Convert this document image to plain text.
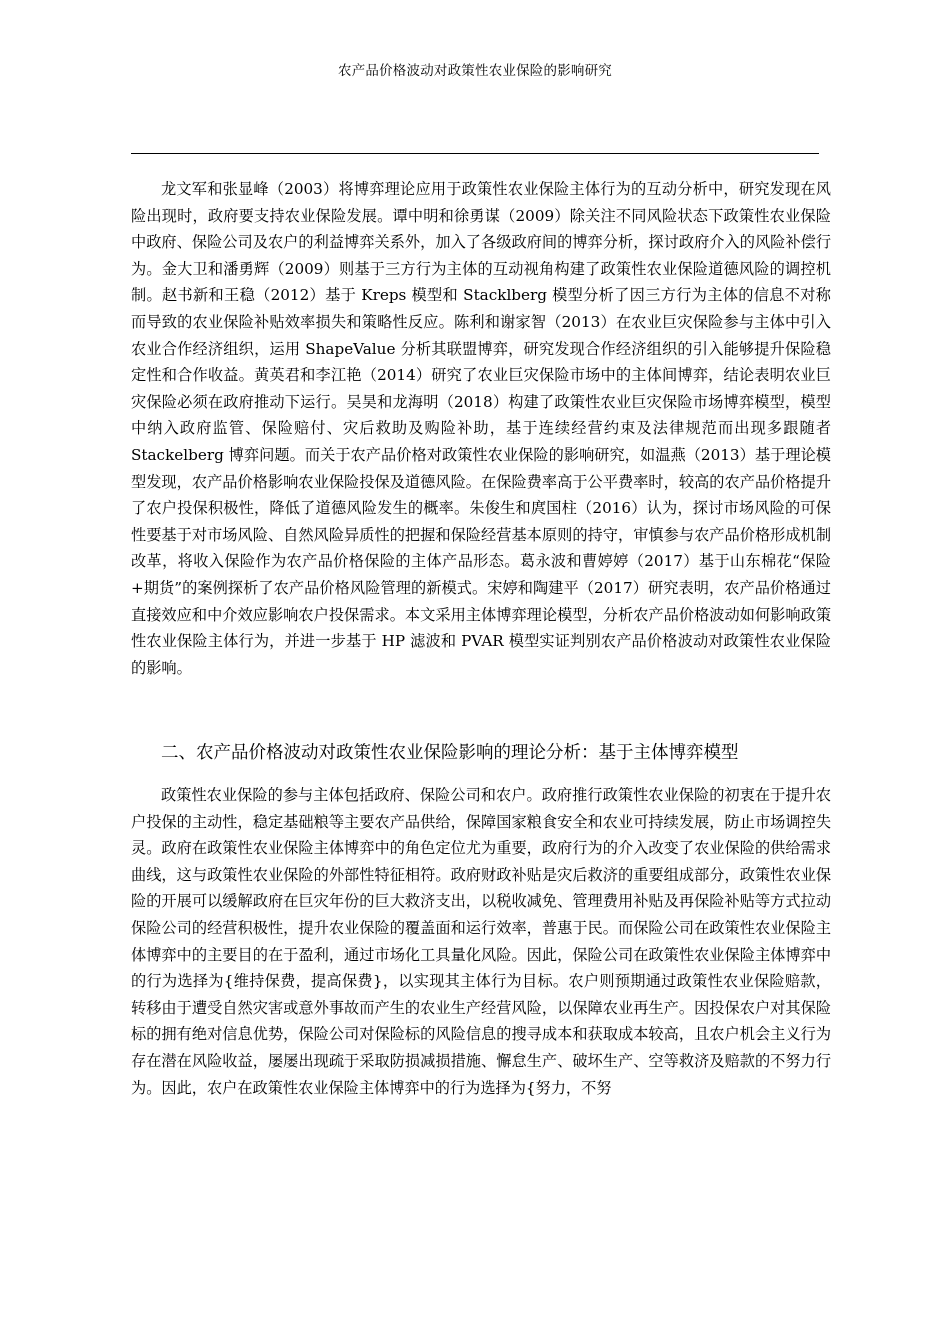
农产品价格波动对政策性农业保险的影响研究

龙文军和张显峰（2003）将博弈理论应用于政策性农业保险主体行为的互动分析中，研究发现在风险出现时，政府要支持农业保险发展。谭中明和徐勇谋（2009）除关注不同风险状态下政策性农业保险中政府、保险公司及农户的利益博弈关系外，加入了各级政府间的博弈分析，探讨政府介入的风险补偿行为。金大卫和潘勇辉（2009）则基于三方行为主体的互动视角构建了政策性农业保险道德风险的调控机制。赵书新和王稳（2012）基于 Kreps 模型和 Stacklberg 模型分析了因三方行为主体的信息不对称而导致的农业保险补贴效率损失和策略性反应。陈利和谢家智（2013）在农业巨灾保险参与主体中引入农业合作经济组织，运用 ShapeValue 分析其联盟博弈，研究发现合作经济组织的引入能够提升保险稳定性和合作收益。黄英君和李江艳（2014）研究了农业巨灾保险市场中的主体间博弈，结论表明农业巨灾保险必须在政府推动下运行。吴昊和龙海明（2018）构建了政策性农业巨灾保险市场博弈模型，模型中纳入政府监管、保险赔付、灾后救助及购险补助，基于连续经营约束及法律规范而出现多跟随者 Stackelberg 博弈问题。而关于农产品价格对政策性农业保险的影响研究，如温燕（2013）基于理论模型发现，农产品价格影响农业保险投保及道德风险。在保险费率高于公平费率时，较高的农产品价格提升了农户投保积极性，降低了道德风险发生的概率。朱俊生和庹国柱（2016）认为，探讨市场风险的可保性要基于对市场风险、自然风险异质性的把握和保险经营基本原则的持守，审慎参与农产品价格形成机制改革，将收入保险作为农产品价格保险的主体产品形态。葛永波和曹婷婷（2017）基于山东棉花“保险+期货”的案例探析了农产品价格风险管理的新模式。宋婷和陶建平（2017）研究表明，农产品价格通过直接效应和中介效应影响农户投保需求。本文采用主体博弈理论模型，分析农产品价格波动如何影响政策性农业保险主体行为，并进一步基于 HP 滤波和 PVAR 模型实证判别农产品价格波动对政策性农业保险的影响。

二、农产品价格波动对政策性农业保险影响的理论分析：基于主体博弈模型

政策性农业保险的参与主体包括政府、保险公司和农户。政府推行政策性农业保险的初衷在于提升农户投保的主动性，稳定基础粮等主要农产品供给，保障国家粮食安全和农业可持续发展，防止市场调控失灵。政府在政策性农业保险主体博弈中的角色定位尤为重要，政府行为的介入改变了农业保险的供给需求曲线，这与政策性农业保险的外部性特征相符。政府财政补贴是灾后救济的重要组成部分，政策性农业保险的开展可以缓解政府在巨灾年份的巨大救济支出，以税收减免、管理费用补贴及再保险补贴等方式拉动保险公司的经营积极性，提升农业保险的覆盖面和运行效率，普惠于民。而保险公司在政策性农业保险主体博弈中的主要目的在于盈利，通过市场化工具量化风险。因此，保险公司在政策性农业保险主体博弈中的行为选择为{维持保费，提高保费}，以实现其主体行为目标。农户则预期通过政策性农业保险赔款，转移由于遭受自然灾害或意外事故而产生的农业生产经营风险，以保障农业再生产。因投保农户对其保险标的拥有绝对信息优势，保险公司对保险标的风险信息的搜寻成本和获取成本较高，且农户机会主义行为存在潜在风险收益，屡屡出现疏于采取防损减损措施、懈怠生产、破坏生产、空等救济及赔款的不努力行为。因此，农户在政策性农业保险主体博弈中的行为选择为{努力，不努
